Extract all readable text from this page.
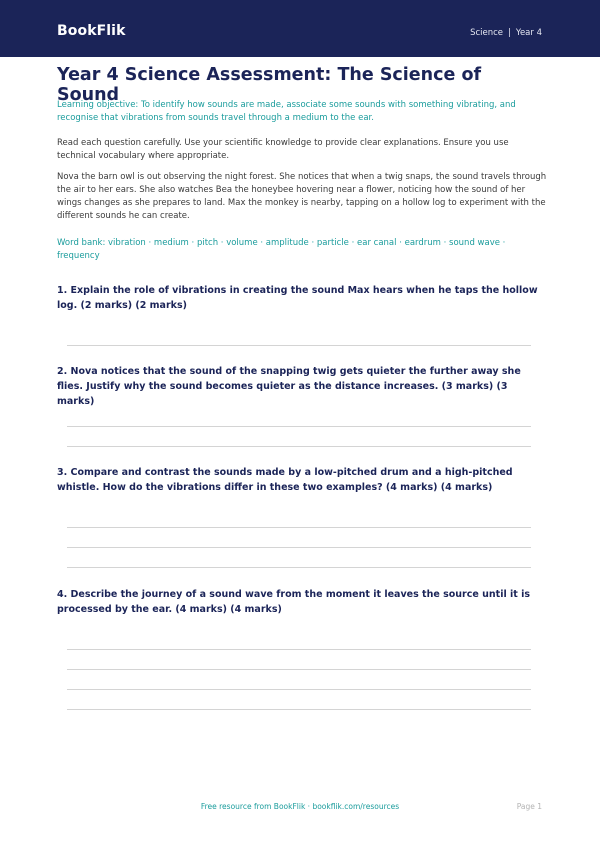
BookFlik	Science | Year 4
Year 4 Science Assessment: The Science of Sound
Learning objective: To identify how sounds are made, associate some sounds with something vibrating, and recognise that vibrations from sounds travel through a medium to the ear.
Read each question carefully. Use your scientific knowledge to provide clear explanations. Ensure you use technical vocabulary where appropriate.
Nova the barn owl is out observing the night forest. She notices that when a twig snaps, the sound travels through the air to her ears. She also watches Bea the honeybee hovering near a flower, noticing how the sound of her wings changes as she prepares to land. Max the monkey is nearby, tapping on a hollow log to experiment with the different sounds he can create.
Word bank: vibration · medium · pitch · volume · amplitude · particle · ear canal · eardrum · sound wave · frequency
1. Explain the role of vibrations in creating the sound Max hears when he taps the hollow log. (2 marks) (2 marks)
2. Nova notices that the sound of the snapping twig gets quieter the further away she flies. Justify why the sound becomes quieter as the distance increases. (3 marks) (3 marks)
3. Compare and contrast the sounds made by a low-pitched drum and a high-pitched whistle. How do the vibrations differ in these two examples? (4 marks) (4 marks)
4. Describe the journey of a sound wave from the moment it leaves the source until it is processed by the ear. (4 marks) (4 marks)
Free resource from BookFlik · bookflik.com/resources	Page 1
